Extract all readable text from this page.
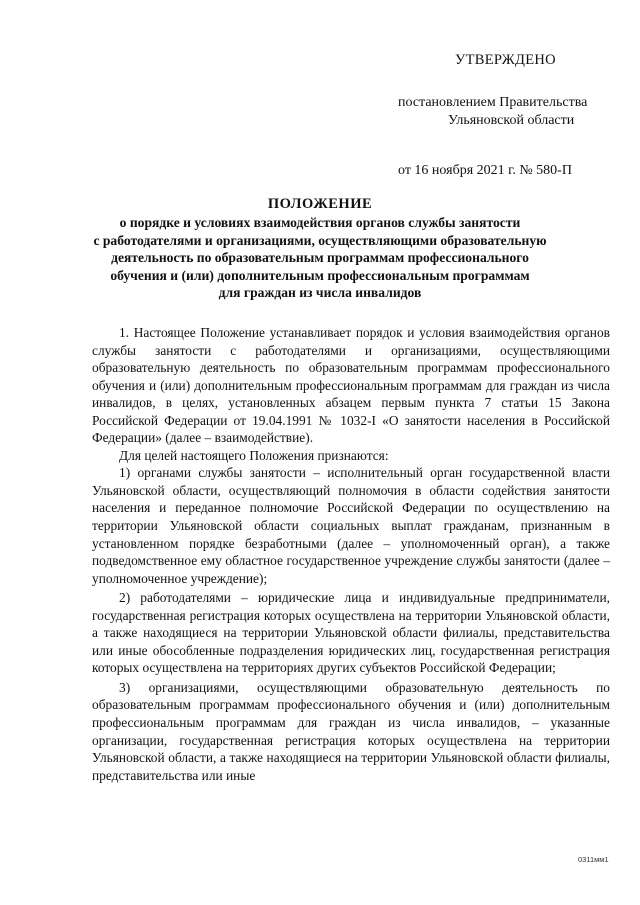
УТВЕРЖДЕНО
постановлением Правительства
Ульяновской области
от 16 ноября 2021 г. № 580-П
ПОЛОЖЕНИЕ
о порядке и условиях взаимодействия органов службы занятости
с работодателями и организациями, осуществляющими образовательную
деятельность по образовательным программам профессионального
обучения и (или) дополнительным профессиональным программам
для граждан из числа инвалидов

1. Настоящее Положение устанавливает порядок и условия взаимодействия органов службы занятости с работодателями и организациями, осуществляющими образовательную деятельность по образовательным программам профессионального обучения и (или) дополнительным профессиональным программам для граждан из числа инвалидов, в целях, установленных абзацем первым пункта 7 статьи 15 Закона Российской Федерации от 19.04.1991 № 1032-I «О занятости населения в Российской Федерации» (далее – взаимодействие).

Для целей настоящего Положения признаются:

1) органами службы занятости – исполнительный орган государственной власти Ульяновской области, осуществляющий полномочия в области содействия занятости населения и переданное полномочие Российской Федерации по осуществлению на территории Ульяновской области социальных выплат гражданам, признанным в установленном порядке безработными (далее – уполномоченный орган), а также подведомственное ему областное государственное учреждение службы занятости (далее – уполномоченное учреждение);

2) работодателями – юридические лица и индивидуальные предприниматели, государственная регистрация которых осуществлена на территории Ульяновской области, а также находящиеся на территории Ульяновской области филиалы, представительства или иные обособленные подразделения юридических лиц, государственная регистрация которых осуществлена на территориях других субъектов Российской Федерации;

3) организациями, осуществляющими образовательную деятельность по образовательным программам профессионального обучения и (или) дополнительным профессиональным программам для граждан из числа инвалидов, – указанные организации, государственная регистрация которых осуществлена на территории Ульяновской области, а также находящиеся на территории Ульяновской области филиалы, представительства или иные

0311мм1
